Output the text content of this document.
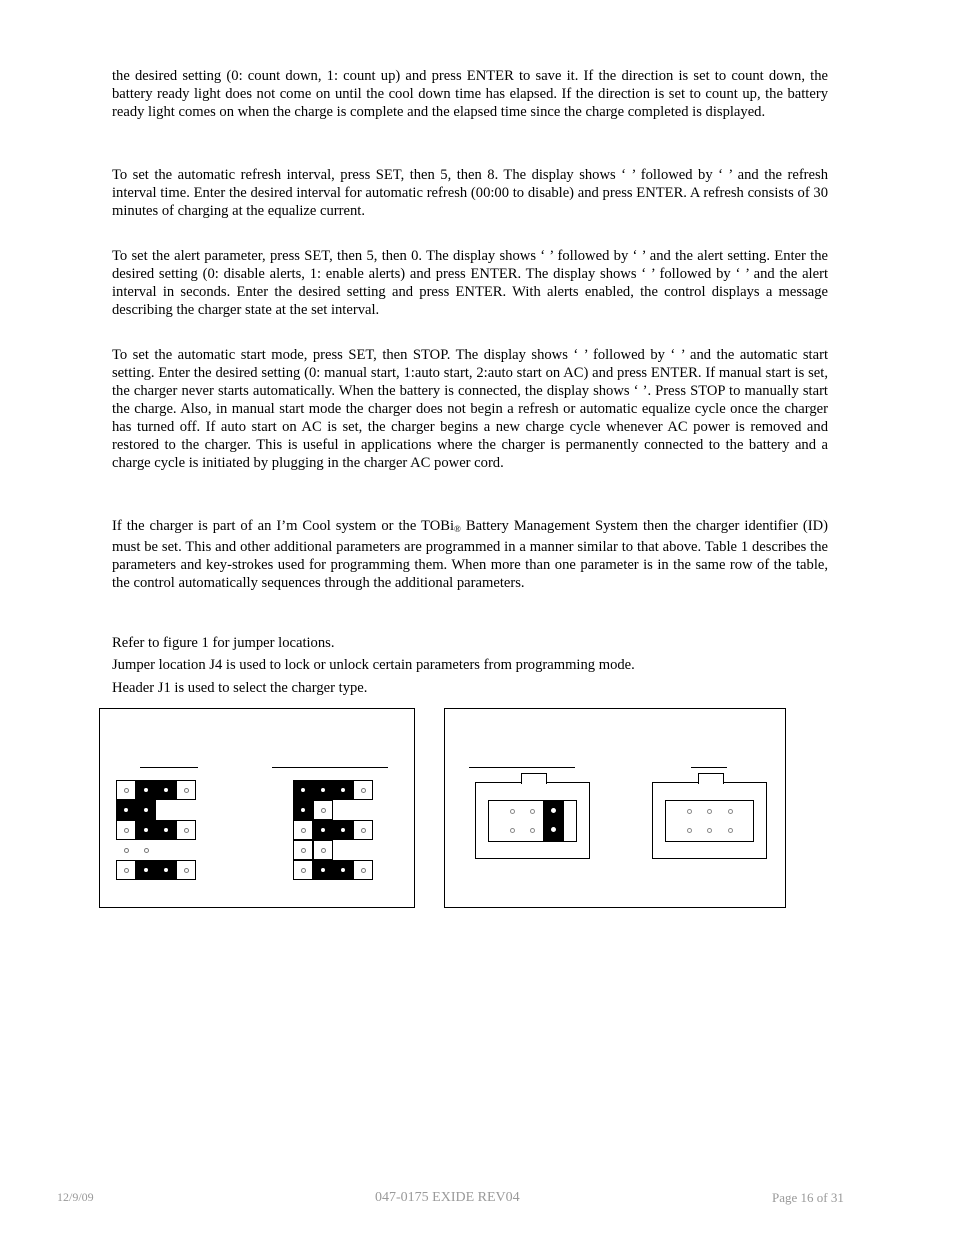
the desired setting (0: count down, 1: count up) and press ENTER to save it. If the direction is set to count down, the battery ready light does not come on until the cool down time has elapsed. If the direction is set to count up, the battery ready light comes on when the charge is complete and the elapsed time since the charge completed is displayed.

To set the automatic refresh interval, press SET, then 5, then 8. The display shows ‘ ’ followed by ‘ ’ and the refresh interval time. Enter the desired interval for automatic refresh (00:00 to disable) and press ENTER. A refresh consists of 30 minutes of charging at the equalize current.

To set the alert parameter, press SET, then 5, then 0. The display shows ‘ ’ followed by ‘ ’ and the alert setting. Enter the desired setting (0: disable alerts, 1: enable alerts) and press ENTER. The display shows ‘ ’ followed by ‘ ’ and the alert interval in seconds. Enter the desired setting and press ENTER. With alerts enabled, the control displays a message describing the charger state at the set interval.

To set the automatic start mode, press SET, then STOP. The display shows ‘ ’ followed by ‘ ’ and the automatic start setting. Enter the desired setting (0: manual start, 1:auto start, 2:auto start on AC) and press ENTER. If manual start is set, the charger never starts automatically. When the battery is connected, the display shows ‘ ’. Press STOP to manually start the charge. Also, in manual start mode the charger does not begin a refresh or automatic equalize cycle once the charger has turned off. If auto start on AC is set, the charger begins a new charge cycle whenever AC power is removed and restored to the charger. This is useful in applications where the charger is permanently connected to the battery and a charge cycle is initiated by plugging in the charger AC power cord.

If the charger is part of an I’m Cool system or the TOBi$_®$ Battery Management System then the charger identifier (ID) must be set. This and other additional parameters are programmed in a manner similar to that above. Table 1 describes the parameters and key-strokes used for programming them. When more than one parameter is in the same row of the table, the control automatically sequences through the additional parameters.

Refer to figure 1 for jumper locations.

Jumper location J4 is used to lock or unlock certain parameters from programming mode.

Header J1 is used to select the charger type.

12/9/09	047-0175 EXIDE REV04	Page 16 of 31
